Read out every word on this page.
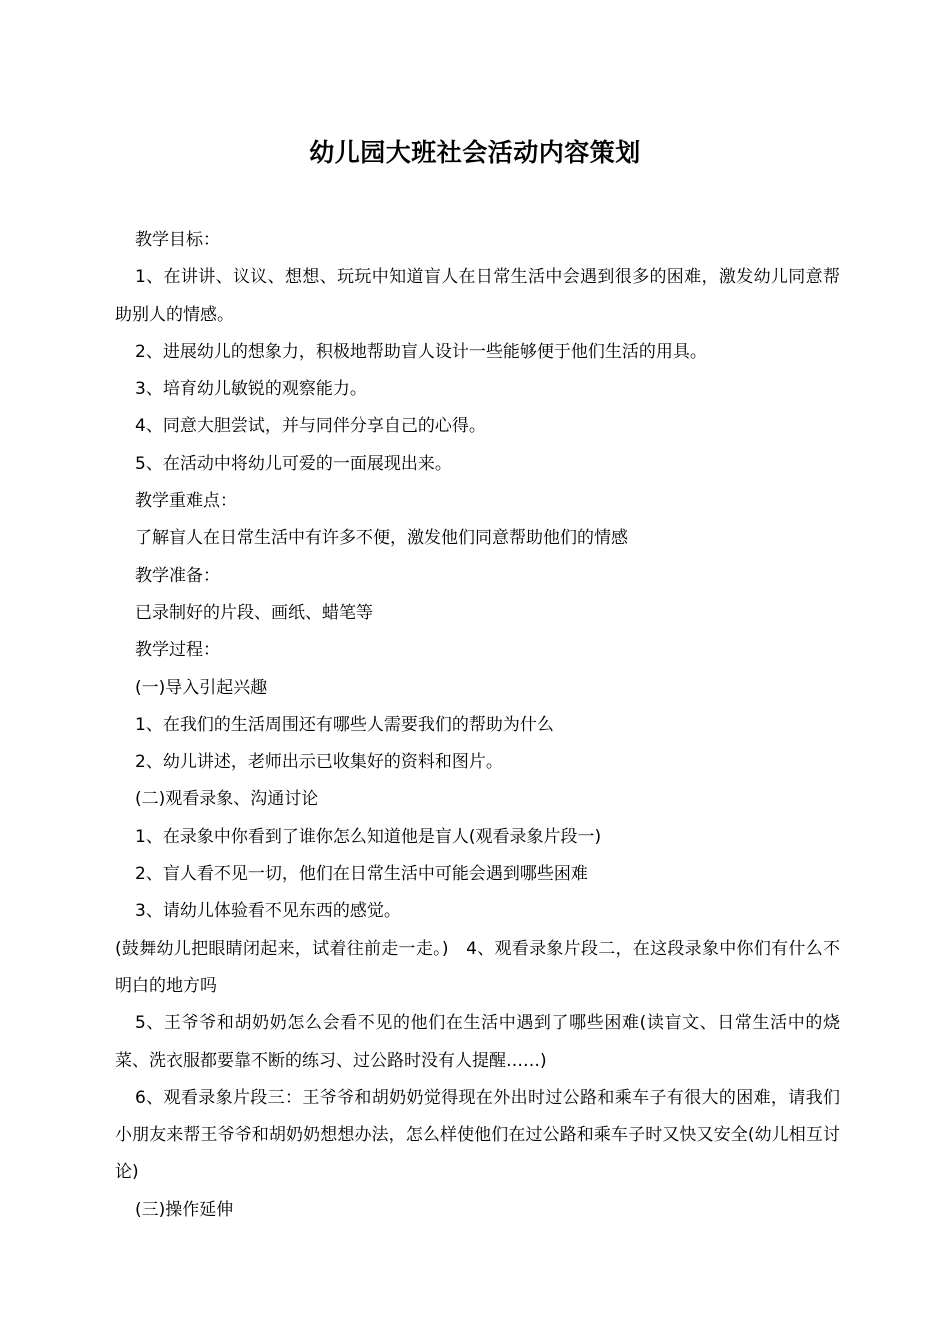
幼儿园大班社会活动内容策划

教学目标：

1、在讲讲、议议、想想、玩玩中知道盲人在日常生活中会遇到很多的困难，激发幼儿同意帮助别人的情感。

2、进展幼儿的想象力，积极地帮助盲人设计一些能够便于他们生活的用具。

3、培育幼儿敏锐的观察能力。

4、同意大胆尝试，并与同伴分享自己的心得。

5、在活动中将幼儿可爱的一面展现出来。

教学重难点：

了解盲人在日常生活中有许多不便，激发他们同意帮助他们的情感

教学准备：

已录制好的片段、画纸、蜡笔等

教学过程：

(一)导入引起兴趣

1、在我们的生活周围还有哪些人需要我们的帮助为什么

2、幼儿讲述，老师出示已收集好的资料和图片。

(二)观看录象、沟通讨论

1、在录象中你看到了谁你怎么知道他是盲人(观看录象片段一)

2、盲人看不见一切，他们在日常生活中可能会遇到哪些困难

3、请幼儿体验看不见东西的感觉。

(鼓舞幼儿把眼睛闭起来，试着往前走一走。)　4、观看录象片段二，在这段录象中你们有什么不明白的地方吗

5、王爷爷和胡奶奶怎么会看不见的他们在生活中遇到了哪些困难(读盲文、日常生活中的烧菜、洗衣服都要靠不断的练习、过公路时没有人提醒……)

6、观看录象片段三：王爷爷和胡奶奶觉得现在外出时过公路和乘车子有很大的困难，请我们小朋友来帮王爷爷和胡奶奶想想办法，怎么样使他们在过公路和乘车子时又快又安全(幼儿相互讨论)

(三)操作延伸
